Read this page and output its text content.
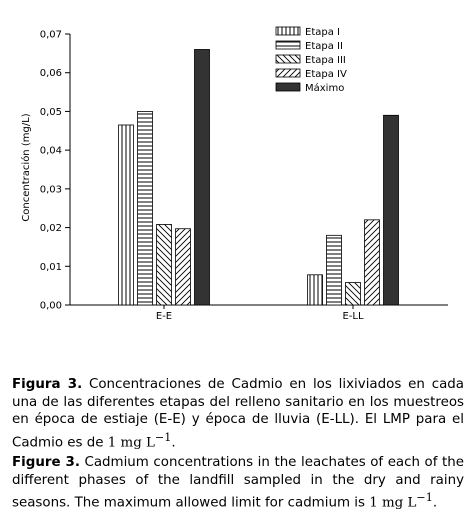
0,00
0,01
0,02
0,03
0,04
0,05
0,06
0,07
Concentración (mg/L)
E-E	E-LL
Etapa I
Etapa II
Etapa III
Etapa IV
Máximo
Figura 3. Concentraciones de Cadmio en los lixiviados en cada una de las diferentes etapas del relleno sanitario en los muestreos en época de estiaje (E-E) y época de lluvia (E-LL). El LMP para el Cadmio es de 1 mg $L^{-1}$.
Figure 3. Cadmium concentrations in the leachates of each of the different phases of the landfill sampled in the dry and rainy seasons. The maximum allowed limit for cadmium is 1 mg $L^{-1}$.
